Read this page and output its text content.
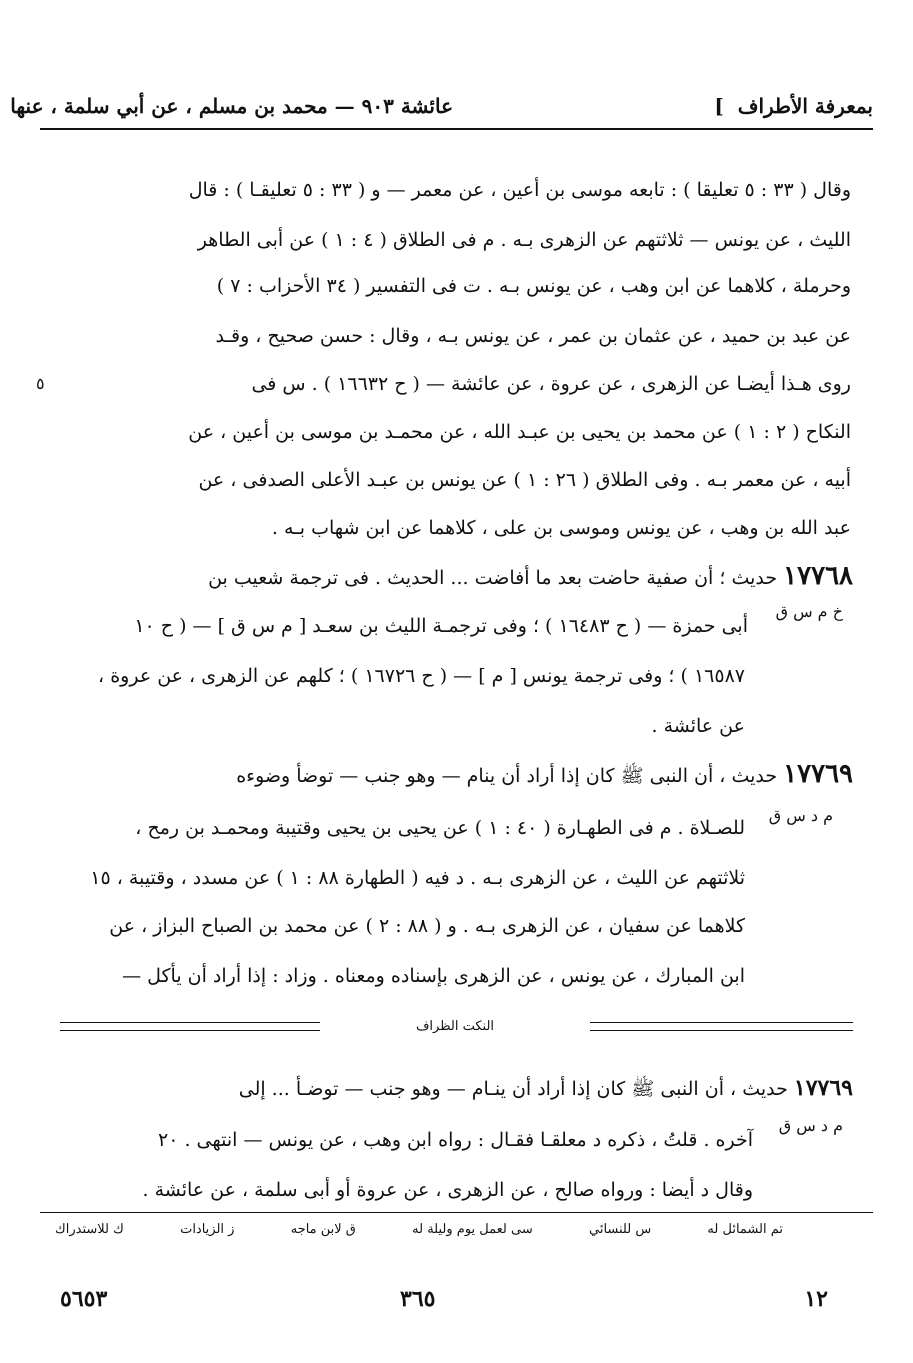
بمعرفة الأطراف  ]
عائشة ٩٠٣ — محمد بن مسلم ، عن أبي سلمة ، عنها
وقال ( ٣٣ : ٥ تعليقا ) : تابعه موسى بن أعين ، عن معمر — و ( ٣٣ : ٥ تعليقـا ) : قال
الليث ، عن يونس — ثلاثتهم عن الزهرى بـه . م فى الطلاق ( ٤ : ١ ) عن أبى الطاهر
وحرملة ، كلاهما عن ابن وهب ، عن يونس بـه . ت فى التفسير ( ٣٤ الأحزاب : ٧ )
عن عبد بن حميد ، عن عثمان بن عمر ، عن يونس بـه ، وقال : حسن صحيح ، وقـد
روى هـذا أيضـا عن الزهرى ، عن عروة ، عن عائشة — ( ح ١٦٦٣٢ ) . س فى
٥
النكاح ( ٢ : ١ ) عن محمد بن يحيى بن عبـد الله ، عن محمـد بن موسى بن أعين ، عن
أبيه ، عن معمر بـه . وفى الطلاق ( ٢٦ : ١ ) عن يونس بن عبـد الأعلى الصدفى ، عن
عبد الله بن وهب ، عن يونس وموسى بن على ، كلاهما عن ابن شهاب بـه .
١٧٧٦٨ حديث ؛ أن صفية حاضت بعد ما أفاضت ... الحديث . فى ترجمة شعيب بن
خ م س ق
أبى حمزة — ( ح ١٦٤٨٣ ) ؛ وفى ترجمـة الليث بن سعـد [ م س ق ] — ( ح ١٠
١٦٥٨٧ ) ؛ وفى ترجمة يونس [ م ] — ( ح ١٦٧٢٦ ) ؛ كلهم عن الزهرى ، عن عروة ،
عن عائشة .
١٧٧٦٩ حديث ، أن النبى ﷺ كان إذا أراد أن ينام — وهو جنب — توضأ وضوءه
م د س ق
للصـلاة . م فى الطهـارة ( ٤٠ : ١ ) عن يحيى بن يحيى وقتيبة ومحمـد بن رمح ،
ثلاثتهم عن الليث ، عن الزهرى بـه . د فيه ( الطهارة ٨٨ : ١ ) عن مسدد ، وقتيبة ، ١٥
كلاهما عن سفيان ، عن الزهرى بـه . و ( ٨٨ : ٢ ) عن محمد بن الصباح البزاز ، عن
ابن المبارك ، عن يونس ، عن الزهرى بإسناده ومعناه . وزاد : إذا أراد أن يأكل —
النكت الظراف
١٧٧٦٩ حديث ، أن النبى ﷺ كان إذا أراد أن ينـام — وهو جنب — توضـأ ... إلى
م د س ق
آخره . قلتُ ، ذكره د معلقـا فقـال : رواه ابن وهب ، عن يونس — انتهى . ٢٠
وقال د أيضا : ورواه صالح ، عن الزهرى ، عن عروة أو أبى سلمة ، عن عائشة .
تم الشمائل له
س للنسائي
سى لعمل يوم وليلة له
ق لابن ماجه
ز الزيادات
ك للاستدراك
١٢
٣٦٥
٥٦٥٣
